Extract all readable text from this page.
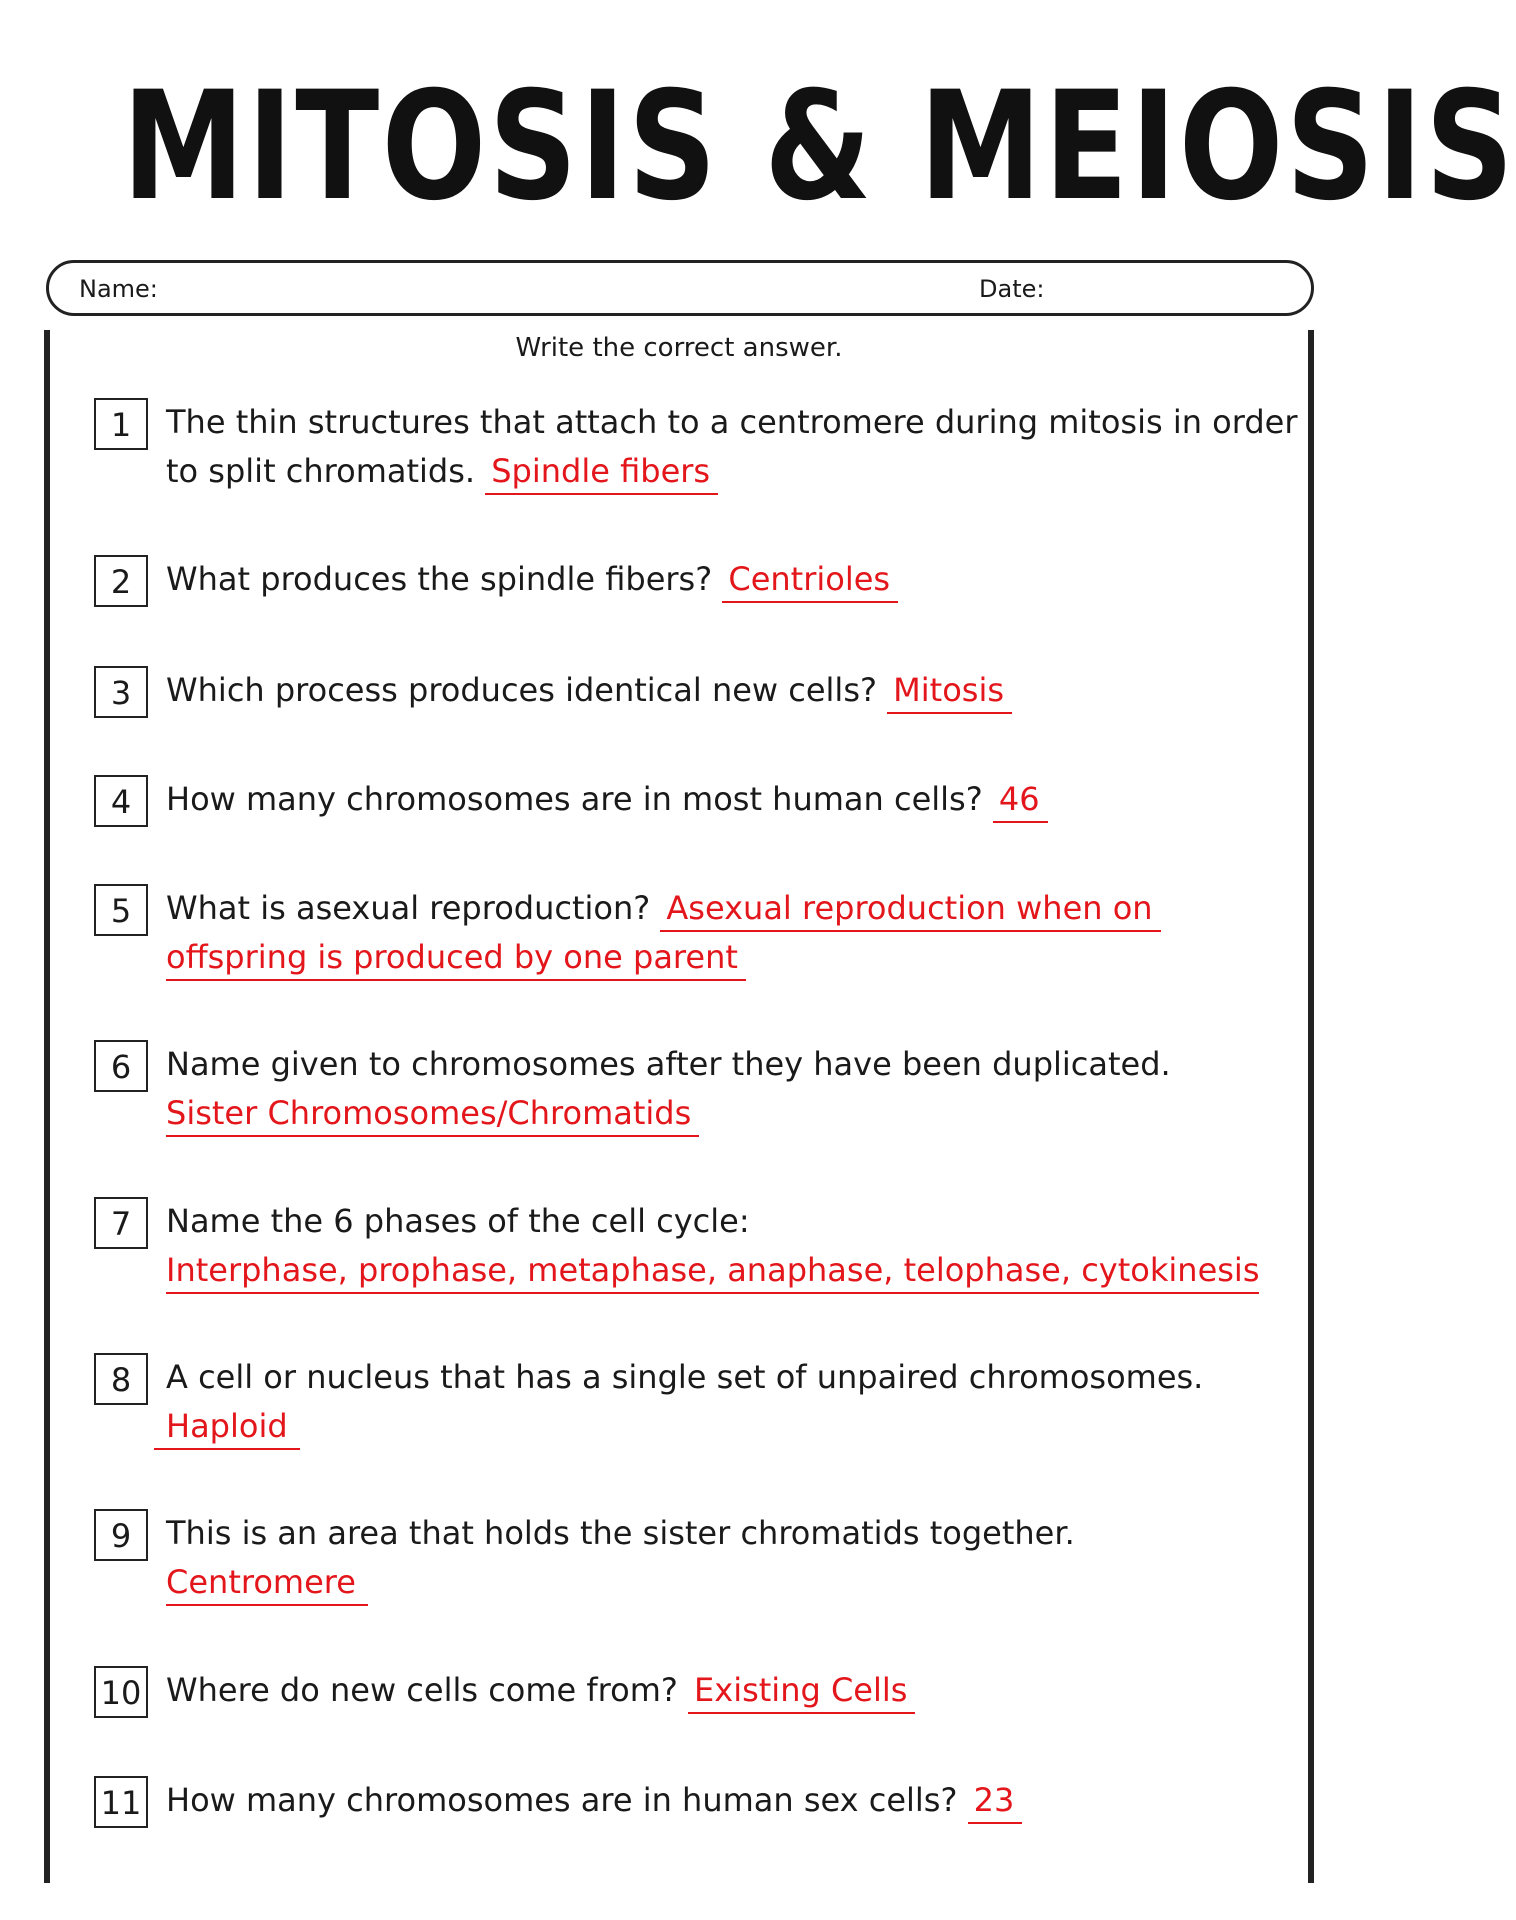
MITOSIS & MEIOSIS
Name:	Date:
Write the correct answer.
1	The thin structures that attach to a centromere during mitosis in order to split chromatids. Spindle fibers
2	What produces the spindle fibers? Centrioles
3	Which process produces identical new cells? Mitosis
4	How many chromosomes are in most human cells? 46
5	What is asexual reproduction? Asexual reproduction when on
offspring is produced by one parent
6	Name given to chromosomes after they have been duplicated.
Sister Chromosomes/Chromatids
7	Name the 6 phases of the cell cycle:
Interphase, prophase, metaphase, anaphase, telophase, cytokinesis
8	A cell or nucleus that has a single set of unpaired chromosomes.
Haploid
9	This is an area that holds the sister chromatids together.
Centromere
10 Where do new cells come from? Existing Cells
11 How many chromosomes are in human sex cells? 23
